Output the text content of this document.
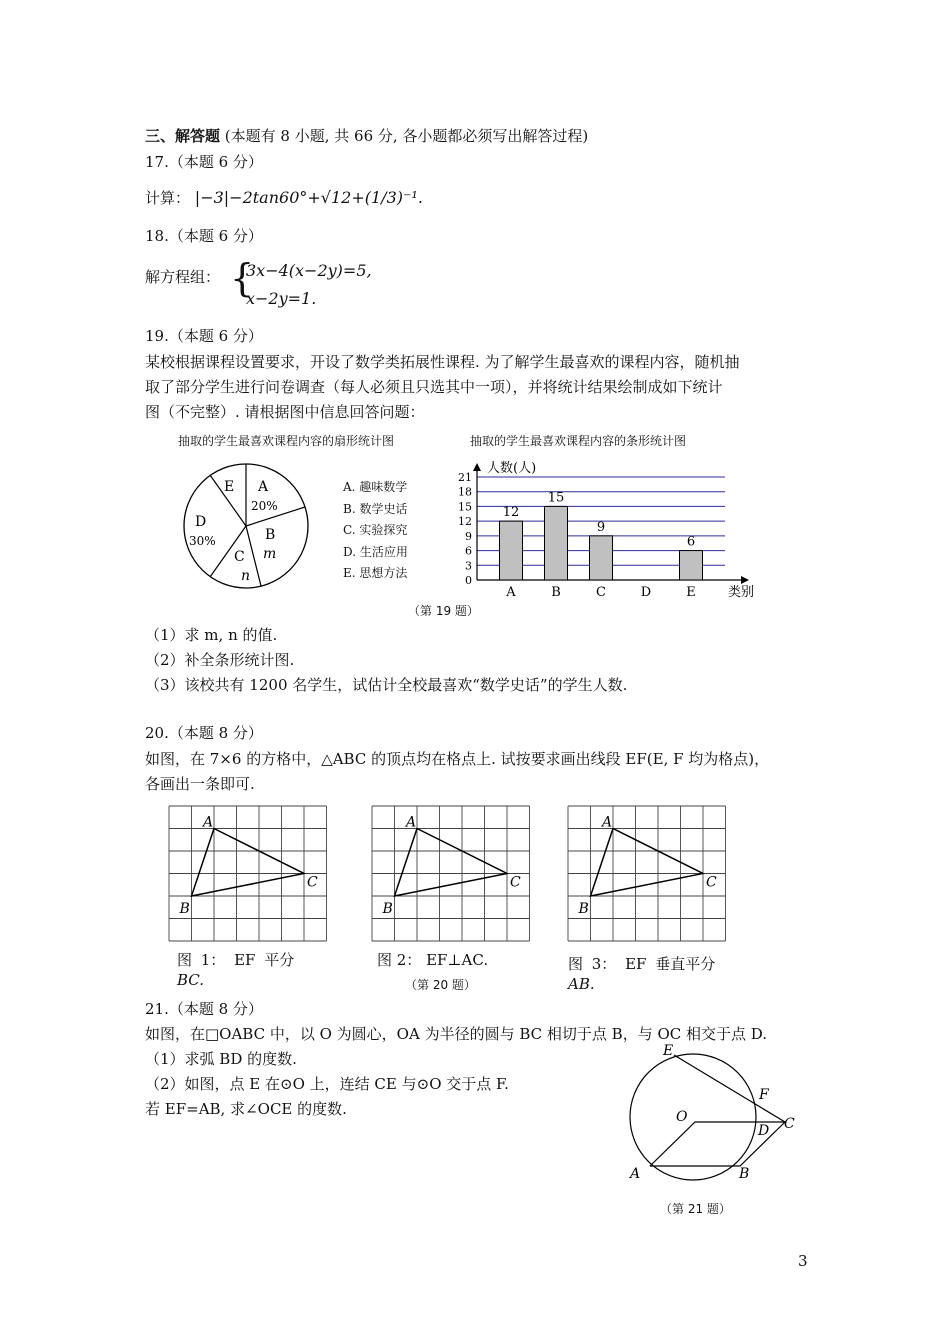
三、解答题 (本题有 8 小题, 共 66 分, 各小题都必须写出解答过程)
17.（本题 6 分）
计算： |−3|−2tan60°+√12+(1/3)⁻¹.
18.（本题 6 分）
解方程组： {
3x−4(x−2y)=5,
x−2y=1.
19.（本题 6 分）
某校根据课程设置要求，开设了数学类拓展性课程. 为了解学生最喜欢的课程内容，随机抽
取了部分学生进行问卷调查（每人必须且只选其中一项），并将统计结果绘制成如下统计
图（不完整）. 请根据图中信息回答问题：
抽取的学生最喜欢课程内容的扇形统计图	抽取的学生最喜欢课程内容的条形统计图
A
20%
B
m
C
n
D
30%
E	A. 趣味数学
B. 数学史话
C. 实验探究
D. 生活应用
E. 思想方法
0
3
6
9
12
15
18
21
人数(人)
类别
12
A
15
B
9
C	D
6
E
（第 19 题）
（1）求 m, n 的值.
（2）补全条形统计图.
（3）该校共有 1200 名学生，试估计全校最喜欢“数学史话”的学生人数.
20.（本题 8 分）
如图，在 7×6 的方格中，△ABC 的顶点均在格点上. 试按要求画出线段 EF(E, F 均为格点)，
各画出一条即可.
A
B
C
A
B
C
A
B
C
图 1： EF 平分
BC.
图 2： EF⊥AC.	图 3： EF 垂直平分
AB.
（第 20 题）
21.（本题 8 分）
如图，在□OABC 中，以 O 为圆心，OA 为半径的圆与 BC 相切于点 B，与 OC 相交于点 D.
（1）求弧 BD 的度数.
（2）如图，点 E 在⊙O 上，连结 CE 与⊙O 交于点 F.
若 EF=AB, 求∠OCE 的度数.
E
F
O	C
D
A	B
（第 21 题）
3
